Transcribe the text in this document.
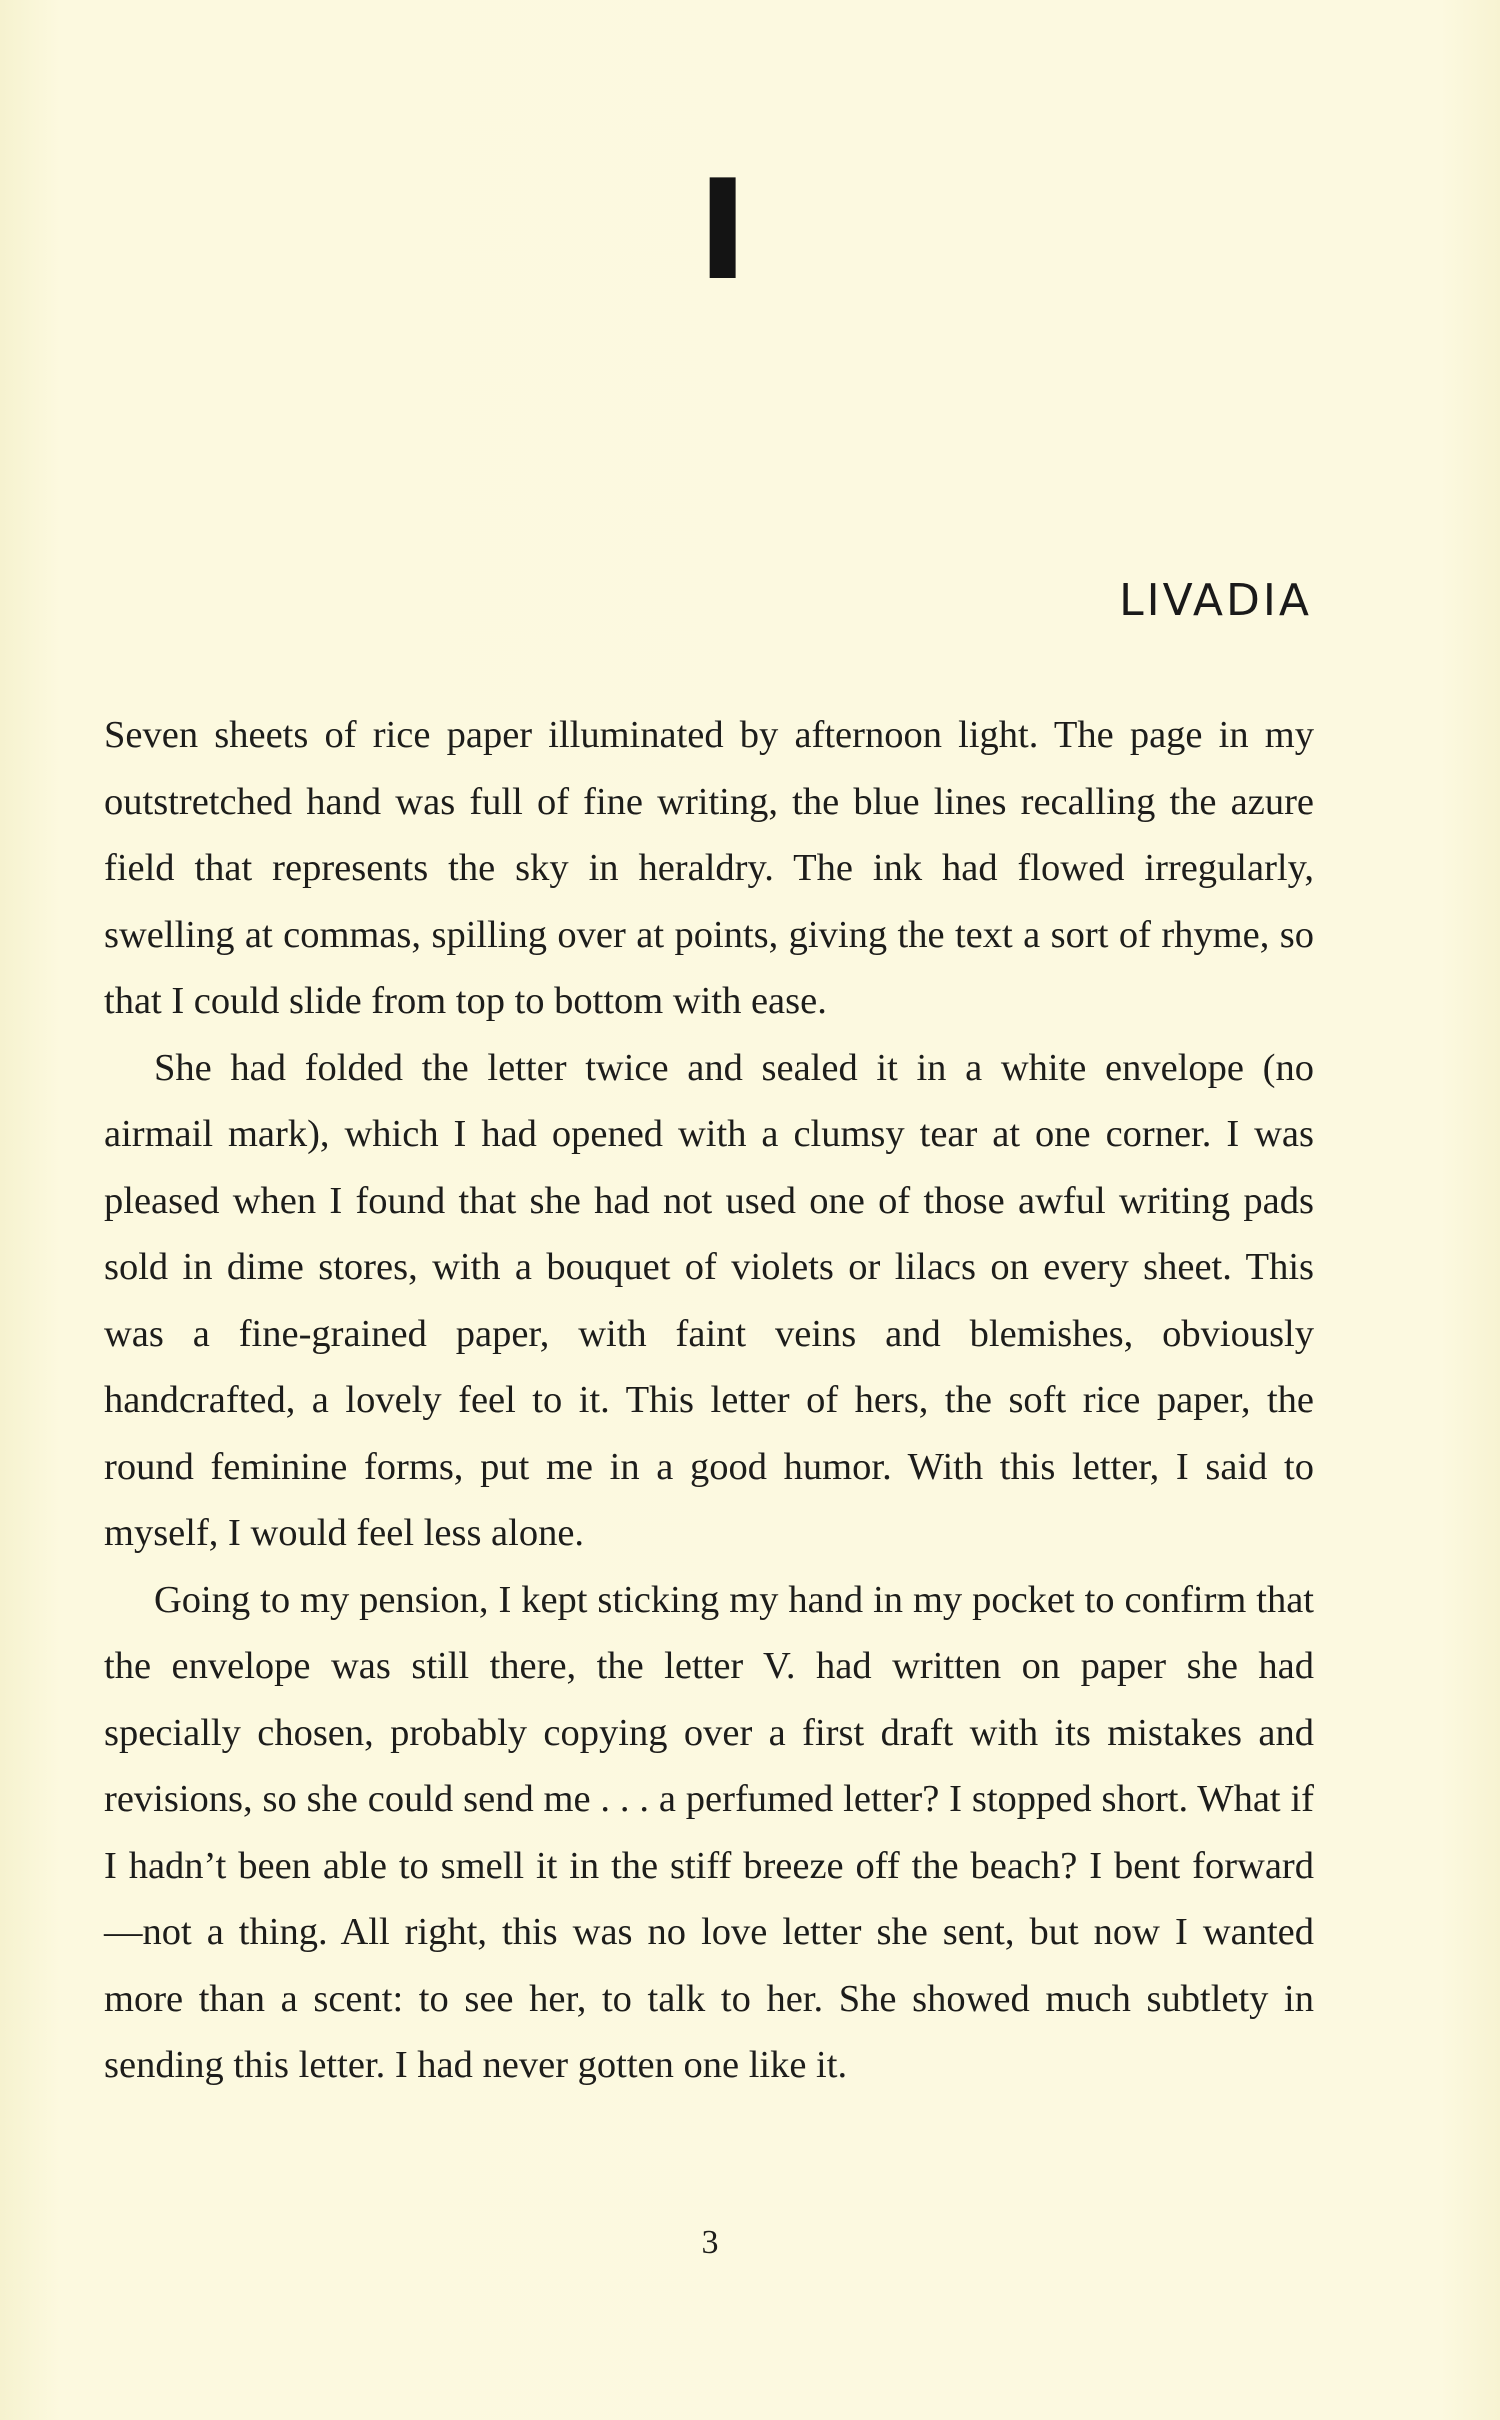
I
LIVADIA

Seven sheets of rice paper illuminated by afternoon light. The page in my outstretched hand was full of fine writing, the blue lines recalling the azure field that represents the sky in heraldry. The ink had flowed irregularly, swelling at commas, spilling over at points, giving the text a sort of rhyme, so that I could slide from top to bottom with ease.

She had folded the letter twice and sealed it in a white envelope (no airmail mark), which I had opened with a clumsy tear at one corner. I was pleased when I found that she had not used one of those awful writing pads sold in dime stores, with a bouquet of violets or lilacs on every sheet. This was a fine-grained paper, with faint veins and blemishes, obviously handcrafted, a lovely feel to it. This letter of hers, the soft rice paper, the round feminine forms, put me in a good humor. With this letter, I said to myself, I would feel less alone.

Going to my pension, I kept sticking my hand in my pocket to confirm that the envelope was still there, the letter V. had written on paper she had specially chosen, probably copying over a first draft with its mistakes and revisions, so she could send me . . . a perfumed letter? I stopped short. What if I hadn’t been able to smell it in the stiff breeze off the beach? I bent forward—not a thing. All right, this was no love letter she sent, but now I wanted more than a scent: to see her, to talk to her. She showed much subtlety in sending this letter. I had never gotten one like it.

3
